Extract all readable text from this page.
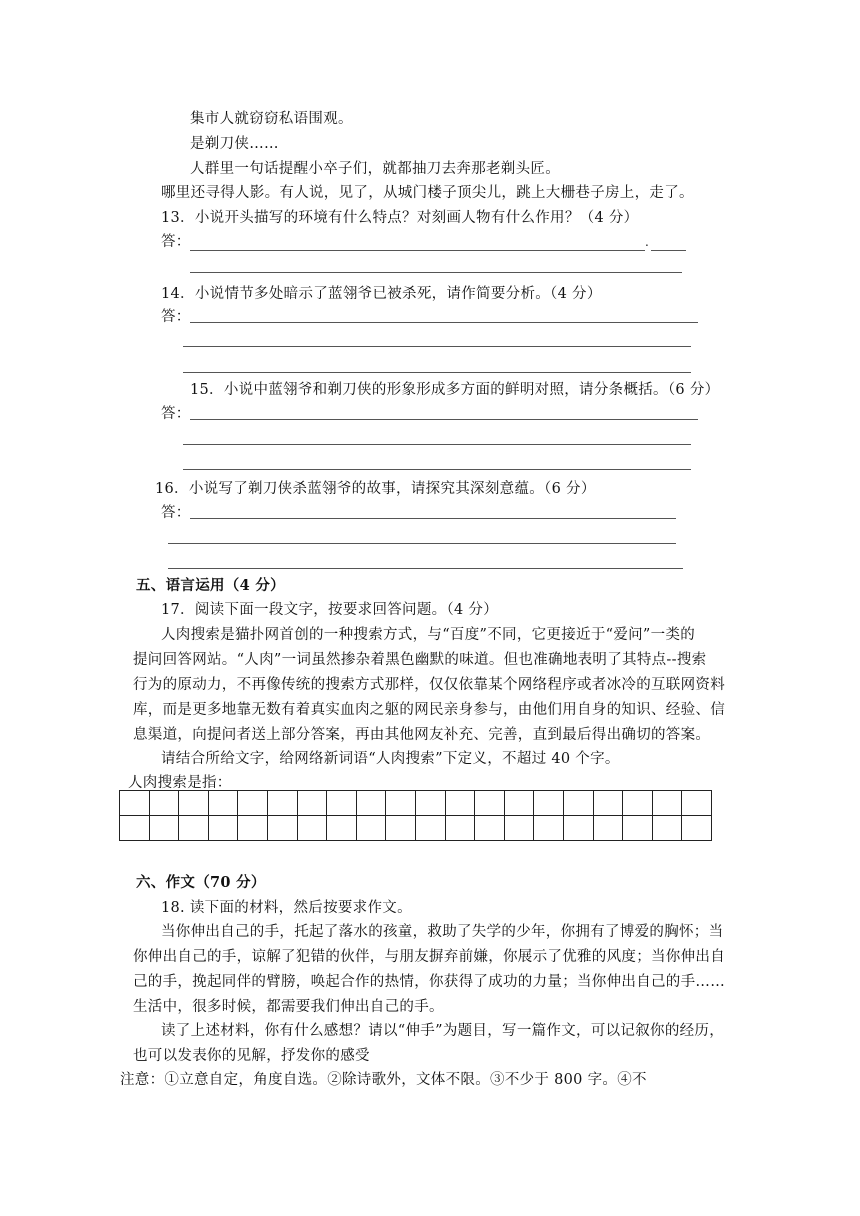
集市人就窃窃私语围观。
是剃刀侠……
人群里一句话提醒小卒子们，就都抽刀去奔那老剃头匠。
哪里还寻得人影。有人说，见了，从城门楼子顶尖儿，跳上大栅巷子房上，走了。
13．小说开头描写的环境有什么特点？对刻画人物有什么作用？（4 分）
答：	.
14．小说情节多处暗示了蓝翎爷已被杀死，请作简要分析。（4 分）
答：
15．小说中蓝翎爷和剃刀侠的形象形成多方面的鲜明对照，请分条概括。（6 分）
答：
16．小说写了剃刀侠杀蓝翎爷的故事，请探究其深刻意蕴。（6 分）
答：
五、语言运用（4 分）
17．阅读下面一段文字，按要求回答问题。（4 分）
人肉搜索是猫扑网首创的一种搜索方式，与“百度”不同，它更接近于“爱问”一类的
提问回答网站。“人肉”一词虽然掺杂着黑色幽默的味道。但也准确地表明了其特点--搜索
行为的原动力，不再像传统的搜索方式那样，仅仅依靠某个网络程序或者冰冷的互联网资料
库，而是更多地靠无数有着真实血肉之躯的网民亲身参与，由他们用自身的知识、经验、信
息渠道，向提问者送上部分答案，再由其他网友补充、完善，直到最后得出确切的答案。
请结合所给文字，给网络新词语“人肉搜索”下定义，不超过 40 个字。
人肉搜索是指：

六、作文（70 分）
18. 读下面的材料，然后按要求作文。
当你伸出自己的手，托起了落水的孩童，救助了失学的少年，你拥有了博爱的胸怀；当
你伸出自己的手，谅解了犯错的伙伴，与朋友摒弃前嫌，你展示了优雅的风度；当你伸出自
己的手，挽起同伴的臂膀，唤起合作的热情，你获得了成功的力量；当你伸出自己的手……
生活中，很多时候，都需要我们伸出自己的手。
读了上述材料，你有什么感想？请以“伸手”为题目，写一篇作文，可以记叙你的经历，
也可以发表你的见解，抒发你的感受
注意：①立意自定，角度自选。②除诗歌外，文体不限。③不少于 800 字。④不
